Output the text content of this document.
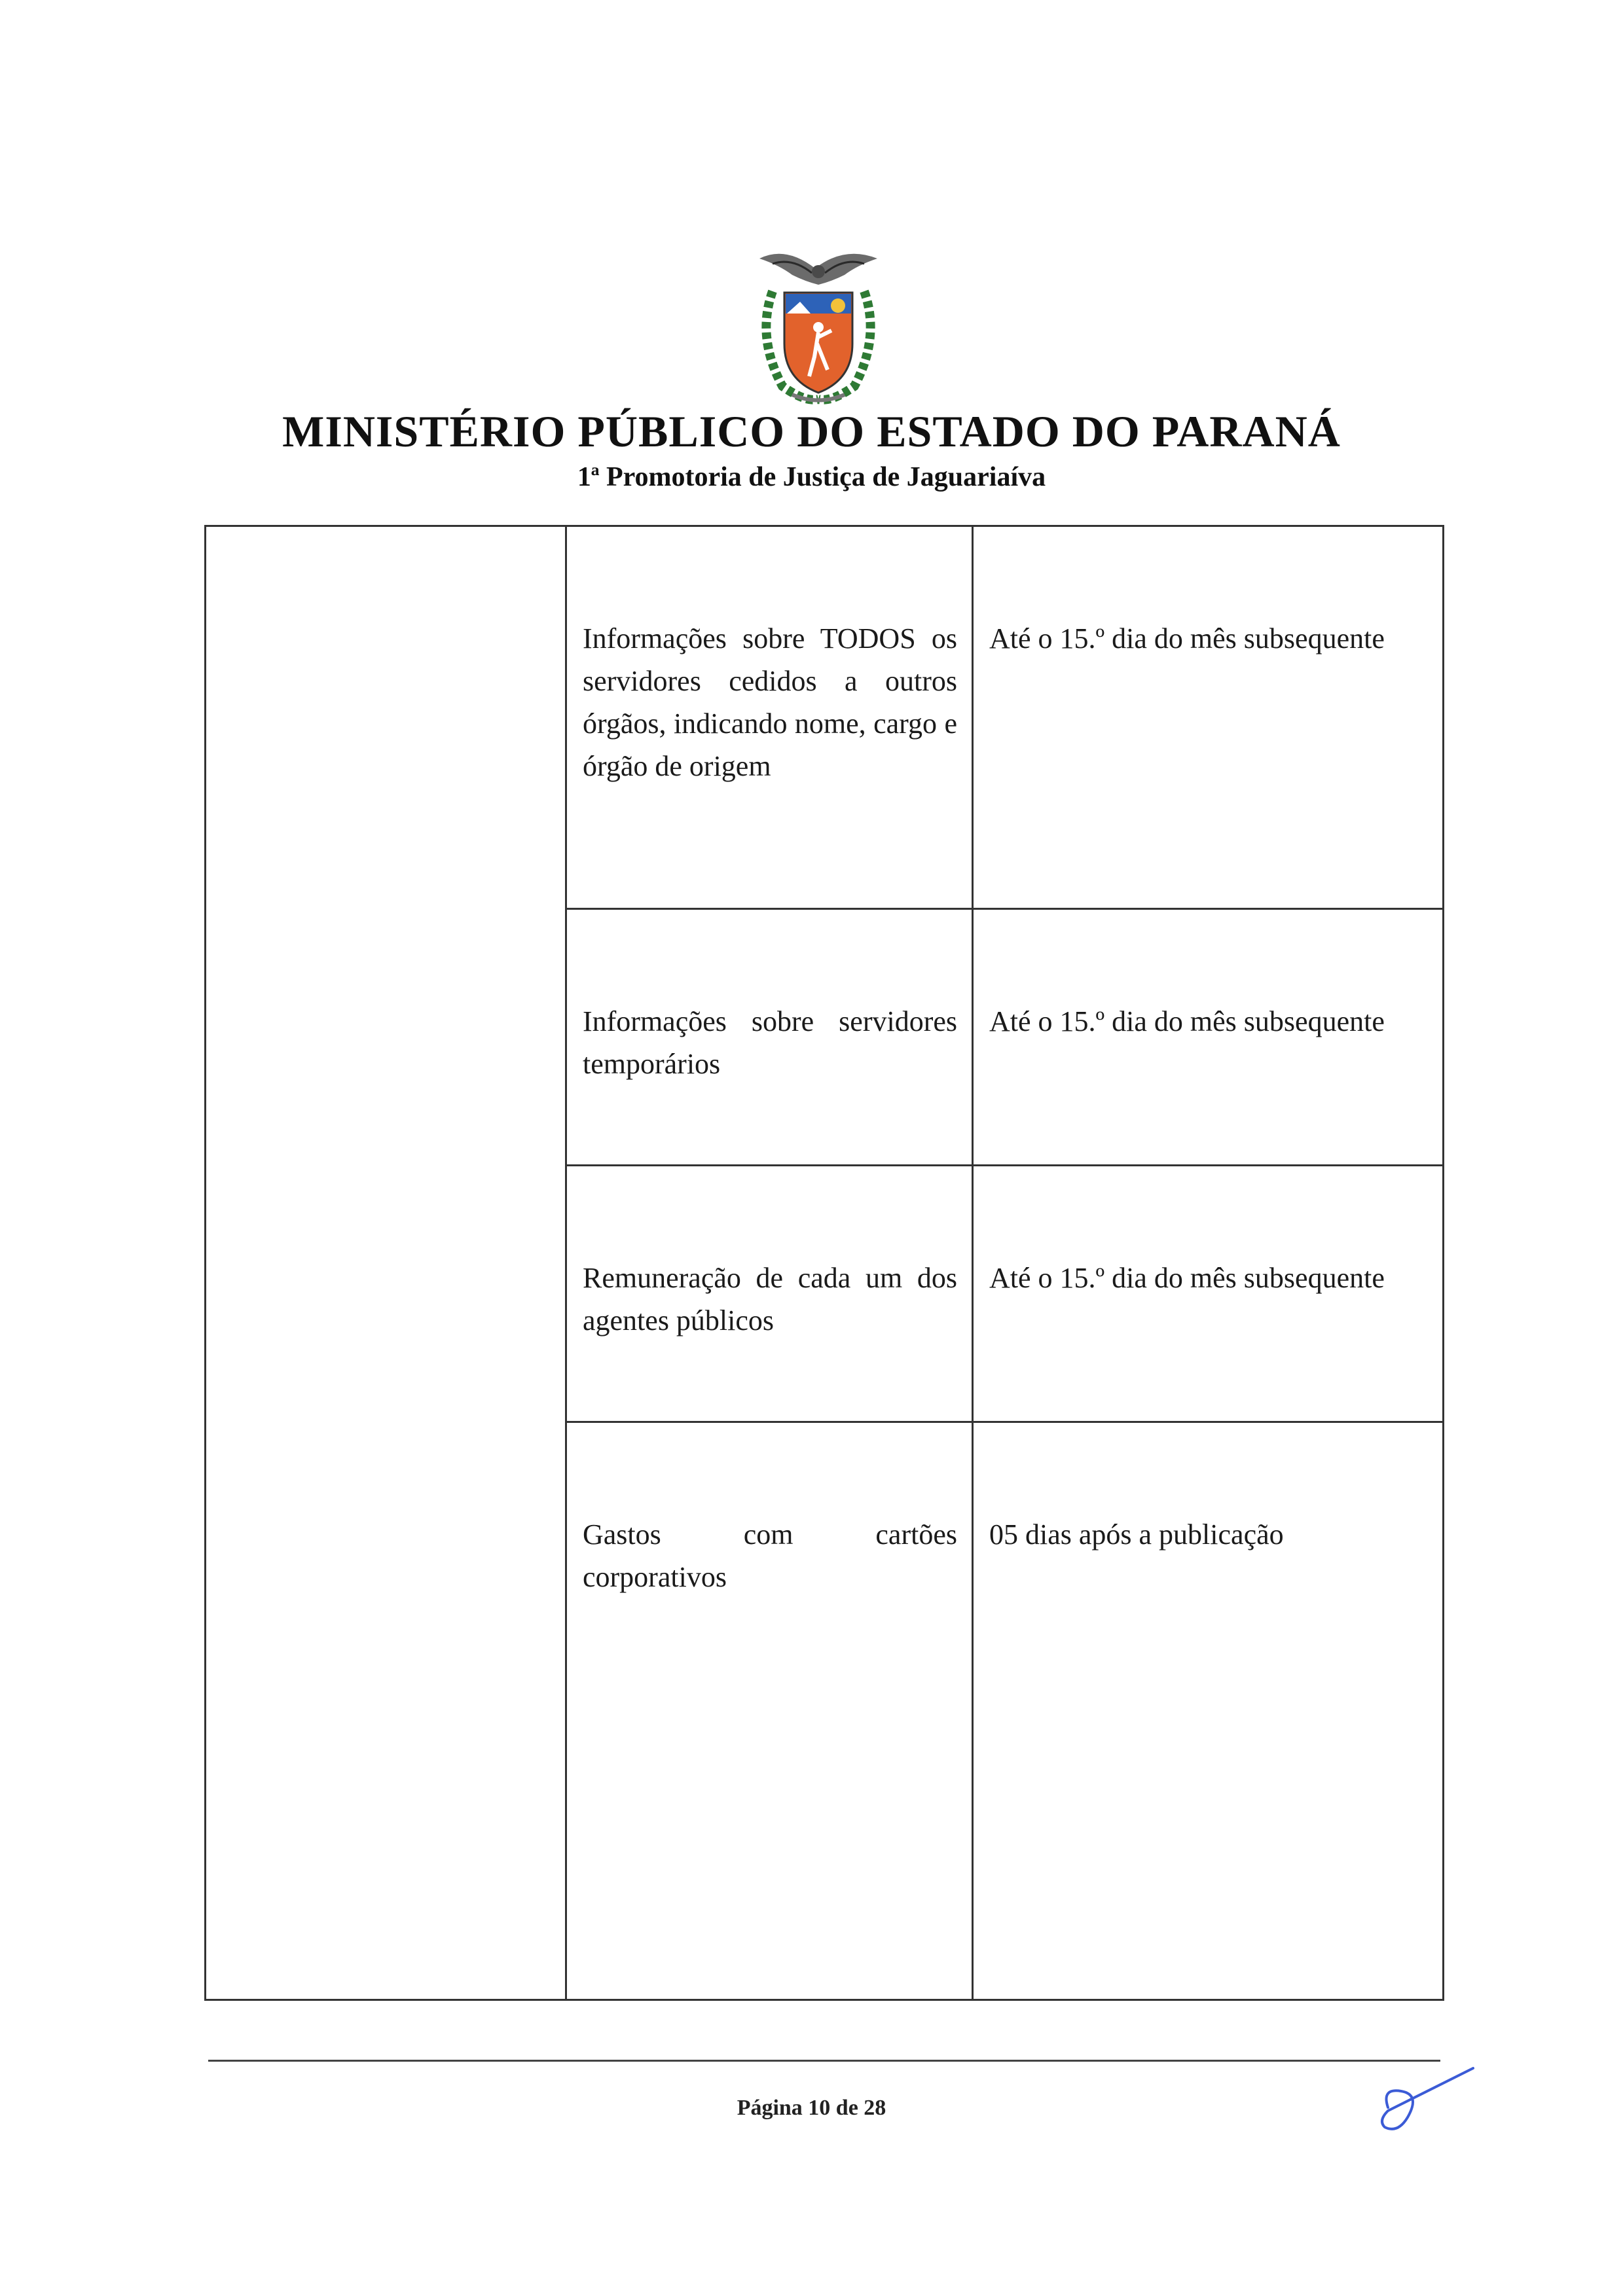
MINISTÉRIO PÚBLICO DO ESTADO DO PARANÁ
1ª Promotoria de Justiça de Jaguariaíva

	Informações sobre TODOS os servidores cedidos a outros órgãos, indicando nome, cargo e órgão de origem	Até o 15.º dia do mês subsequente

	Informações sobre servidores temporários	Até o 15.º dia do mês subsequente

	Remuneração de cada um dos agentes públicos	Até o 15.º dia do mês subsequente

	Gastos com cartões corporativos	05 dias após a publicação
Página 10 de 28
